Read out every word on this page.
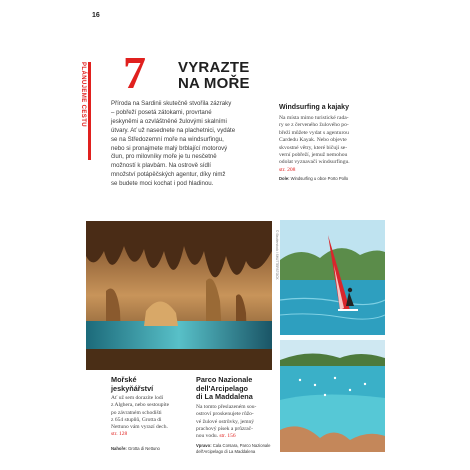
16
PLÁNUJEME CESTU 7 VYRAZTE
NA MOŘE
Příroda na Sardinii skutečně stvořila zázraky
– pobřeží posetá zátokami, provrtané
jeskyněmi a ozvláštněné žulovými skalními
útvary. Ať už nasednete na plachetnici, vydáte
se na Středozemní moře na windsurfingu,
nebo si pronajmete malý brblající motorový
člun, pro milovníky moře je tu nesčetně
možností k plavbám. Na ostrově sídlí
množství potápěčských agentur, díky nimž
se budete moci kochat i pod hladinou.
Windsurfing a kajaky
Na místa mimo turistické rada-
ry se z červeného žulového po-
břeží můžete vydat s agenturou
Cardedu Kayak. Nebo objevte
skvostné větry, které bičují se-
verní pobřeží, jemuž nemohou
odolat vyznavači windsurfingu.
str. 208
Dole: Windsurfing u obce Porto Pollo
© Shutterstock / SHUTTERSTOCK
Mořské
jeskyňářství
Ať už sem dorazíte lodí
z Alghera, nebo sestoupíte
po závratném schodišti
z 654 stupňů, Grotta di
Nettuno vám vyrazí dech.
str. 128
Nahoře: Grotta di Nettuno
Parco Nazionale
dell'Arcipelago
di La Maddalena
Na tomto přeslazeném sou-
ostroví proskenujete růžo-
vé žulové ostrůvky, jemný
prachový písek a průzrač-
nou vodu. str. 156
Vpravo: Cala Corsara, Parco Nazionale
dell'Arcipelago di La Maddalena
